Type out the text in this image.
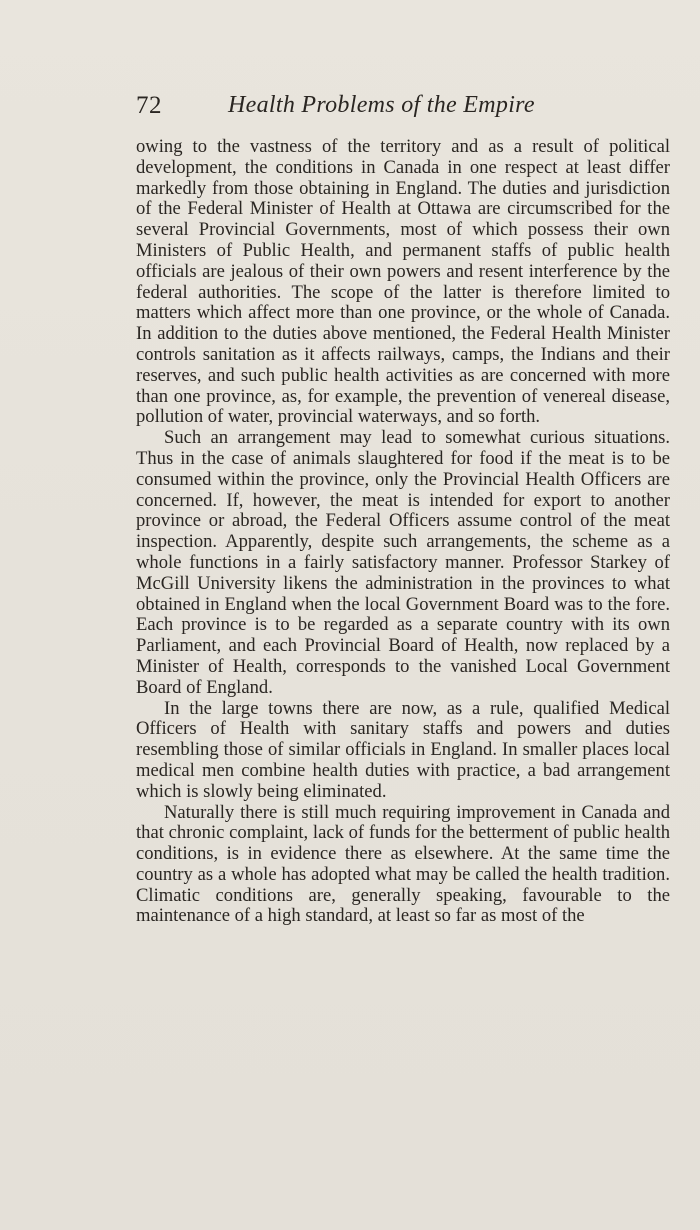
72	Health Problems of the Empire

owing to the vastness of the territory and as a result of political development, the conditions in Canada in one respect at least differ markedly from those obtaining in England. The duties and jurisdiction of the Federal Minister of Health at Ottawa are circumscribed for the several Provincial Governments, most of which possess their own Ministers of Public Health, and permanent staffs of public health officials are jealous of their own powers and resent interference by the federal authorities. The scope of the latter is therefore limited to matters which affect more than one province, or the whole of Canada. In addition to the duties above mentioned, the Federal Health Minister controls sanitation as it affects railways, camps, the Indians and their reserves, and such public health activities as are concerned with more than one province, as, for example, the prevention of venereal disease, pollution of water, provincial waterways, and so forth.

Such an arrangement may lead to somewhat curious situations. Thus in the case of animals slaughtered for food if the meat is to be consumed within the province, only the Provincial Health Officers are concerned. If, however, the meat is intended for export to another province or abroad, the Federal Officers assume control of the meat inspection. Apparently, despite such arrangements, the scheme as a whole functions in a fairly satisfactory manner. Professor Starkey of McGill University likens the administration in the provinces to what obtained in England when the local Government Board was to the fore. Each province is to be regarded as a separate country with its own Parliament, and each Provincial Board of Health, now replaced by a Minister of Health, corresponds to the vanished Local Government Board of England.

In the large towns there are now, as a rule, qualified Medical Officers of Health with sanitary staffs and powers and duties resembling those of similar officials in England. In smaller places local medical men combine health duties with practice, a bad arrangement which is slowly being eliminated.

Naturally there is still much requiring improvement in Canada and that chronic complaint, lack of funds for the betterment of public health conditions, is in evidence there as elsewhere. At the same time the country as a whole has adopted what may be called the health tradition. Climatic conditions are, generally speaking, favourable to the maintenance of a high standard, at least so far as most of the
